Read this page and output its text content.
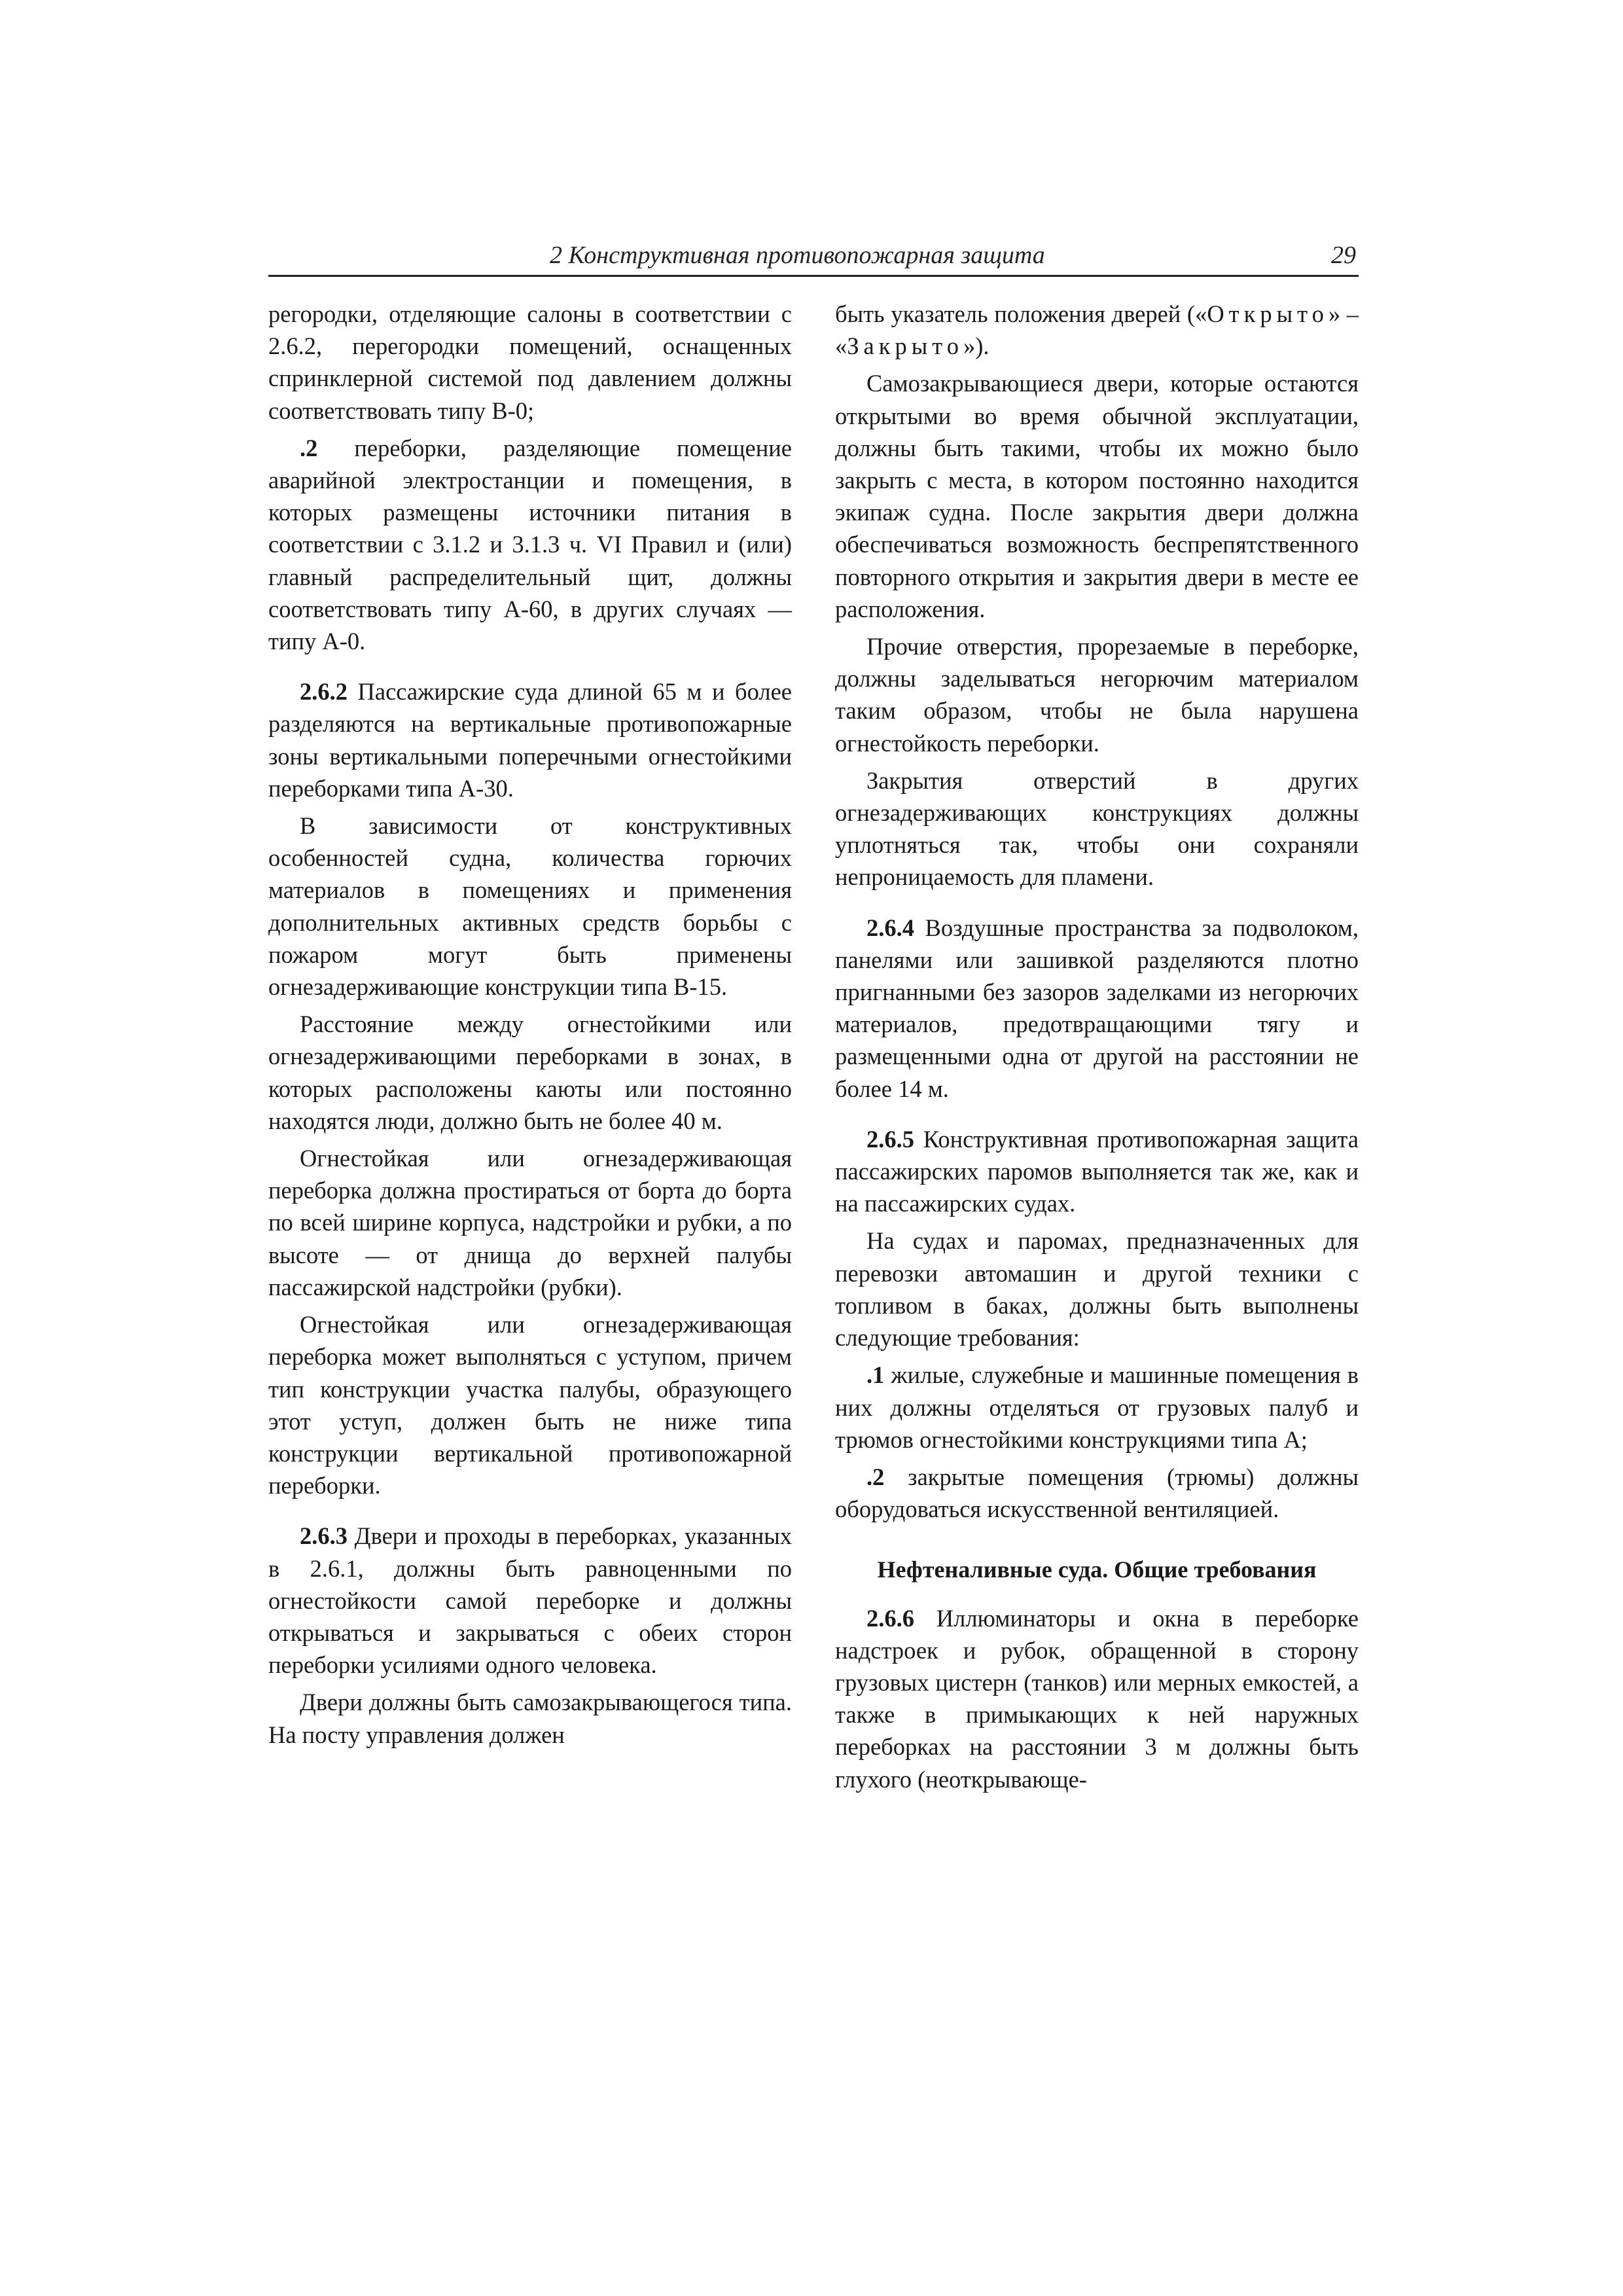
2 Конструктивная противопожарная защита	29

регородки, отделяющие салоны в соответствии с 2.6.2, перегородки помещений, оснащенных спринклерной системой под давлением должны соответствовать типу В-0;

.2 переборки, разделяющие помещение аварийной электростанции и помещения, в которых размещены источники питания в соответствии с 3.1.2 и 3.1.3 ч. VI Правил и (или) главный распределительный щит, должны соответствовать типу А-60, в других случаях — типу А-0.

2.6.2 Пассажирские суда длиной 65 м и более разделяются на вертикальные противопожарные зоны вертикальными поперечными огнестойкими переборками типа А-30.

В зависимости от конструктивных особенностей судна, количества горючих материалов в помещениях и применения дополнительных активных средств борьбы с пожаром могут быть применены огнезадерживающие конструкции типа В-15.

Расстояние между огнестойкими или огнезадерживающими переборками в зонах, в которых расположены каюты или постоянно находятся люди, должно быть не более 40 м.

Огнестойкая или огнезадерживающая переборка должна простираться от борта до борта по всей ширине корпуса, надстройки и рубки, а по высоте — от днища до верхней палубы пассажирской надстройки (рубки).

Огнестойкая или огнезадерживающая переборка может выполняться с уступом, причем тип конструкции участка палубы, образующего этот уступ, должен быть не ниже типа конструкции вертикальной противопожарной переборки.

2.6.3 Двери и проходы в переборках, указанных в 2.6.1, должны быть равноценными по огнестойкости самой переборке и должны открываться и закрываться с обеих сторон переборки усилиями одного человека.

Двери должны быть самозакрывающегося типа. На посту управления должен

быть указатель положения дверей («Открыто» – «Закрыто»).

Самозакрывающиеся двери, которые остаются открытыми во время обычной эксплуатации, должны быть такими, чтобы их можно было закрыть с места, в котором постоянно находится экипаж судна. После закрытия двери должна обеспечиваться возможность беспрепятственного повторного открытия и закрытия двери в месте ее расположения.

Прочие отверстия, прорезаемые в переборке, должны заделываться негорючим материалом таким образом, чтобы не была нарушена огнестойкость переборки.

Закрытия отверстий в других огнезадерживающих конструкциях должны уплотняться так, чтобы они сохраняли непроницаемость для пламени.

2.6.4 Воздушные пространства за подволоком, панелями или зашивкой разделяются плотно пригнанными без зазоров заделками из негорючих материалов, предотвращающими тягу и размещенными одна от другой на расстоянии не более 14 м.

2.6.5 Конструктивная противопожарная защита пассажирских паромов выполняется так же, как и на пассажирских судах.

На судах и паромах, предназначенных для перевозки автомашин и другой техники с топливом в баках, должны быть выполнены следующие требования:

.1 жилые, служебные и машинные помещения в них должны отделяться от грузовых палуб и трюмов огнестойкими конструкциями типа А;

.2 закрытые помещения (трюмы) должны оборудоваться искусственной вентиляцией.

Нефтеналивные суда. Общие требования

2.6.6 Иллюминаторы и окна в переборке надстроек и рубок, обращенной в сторону грузовых цистерн (танков) или мерных емкостей, а также в примыкающих к ней наружных переборках на расстоянии 3 м должны быть глухого (неоткрывающе-
